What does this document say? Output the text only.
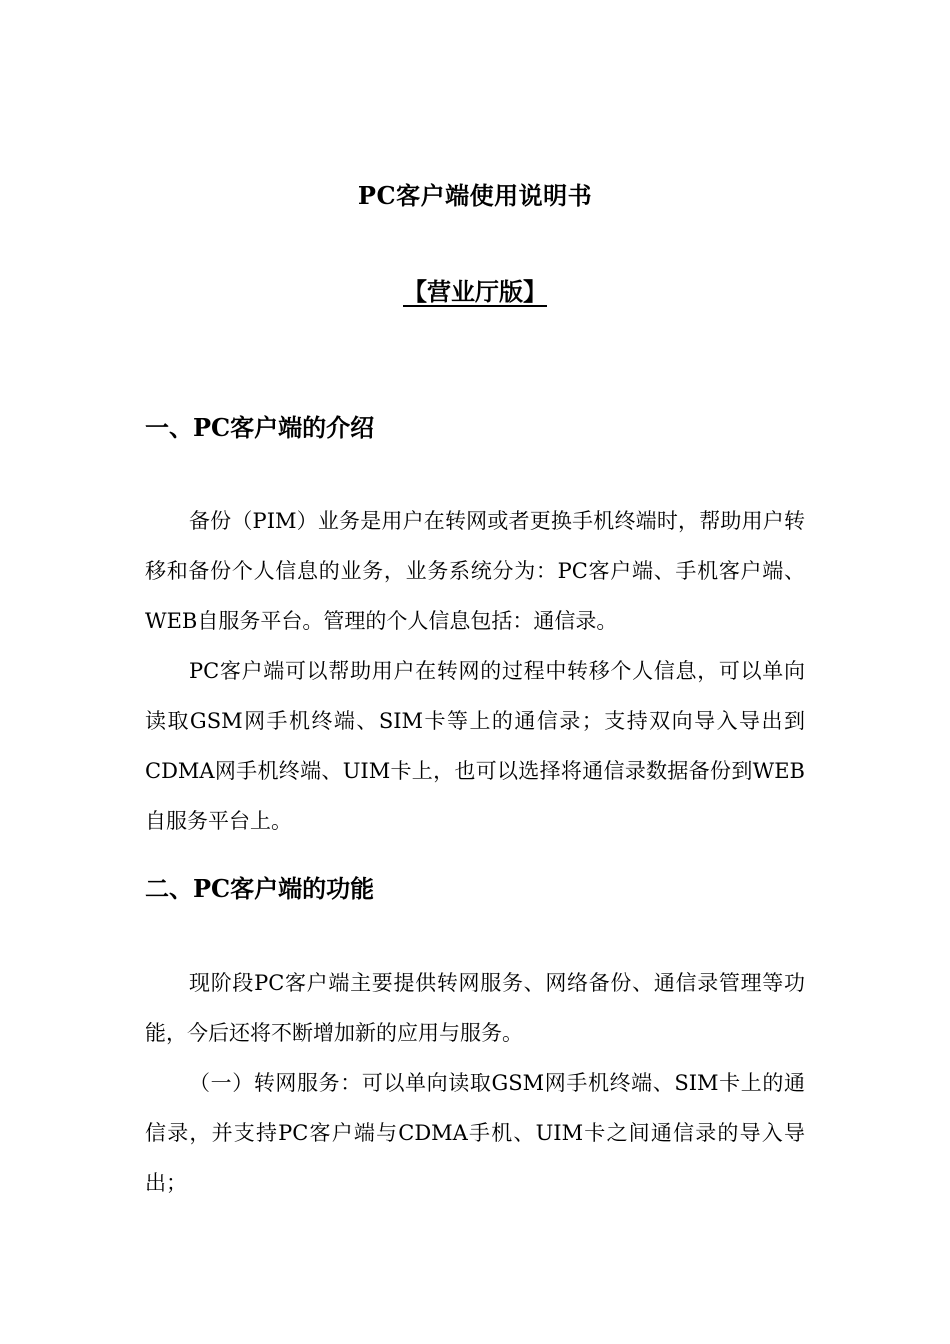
PC客户端使用说明书
【营业厅版】
一、PC客户端的介绍

备份（PIM）业务是用户在转网或者更换手机终端时，帮助用户转移和备份个人信息的业务，业务系统分为：PC客户端、手机客户端、WEB自服务平台。管理的个人信息包括：通信录。

PC客户端可以帮助用户在转网的过程中转移个人信息，可以单向读取GSM网手机终端、SIM卡等上的通信录；支持双向导入导出到CDMA网手机终端、UIM卡上，也可以选择将通信录数据备份到WEB自服务平台上。

二、PC客户端的功能

现阶段PC客户端主要提供转网服务、网络备份、通信录管理等功能，今后还将不断增加新的应用与服务。

（一）转网服务：可以单向读取GSM网手机终端、SIM卡上的通信录，并支持PC客户端与CDMA手机、UIM卡之间通信录的导入导出；
